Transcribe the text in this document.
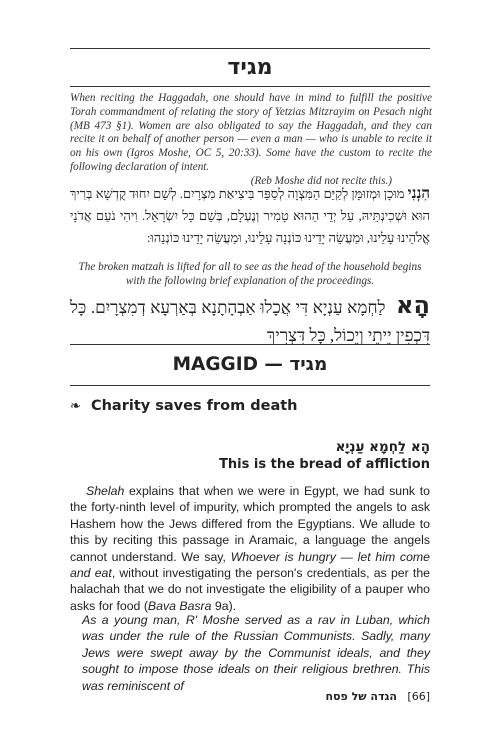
מגיד
When reciting the Haggadah, one should have in mind to fulfill the positive Torah commandment of relating the story of Yetzias Mitzrayim on Pesach night (MB 473 §1). Women are also obligated to say the Haggadah, and they can recite it on behalf of another person — even a man — who is unable to recite it on his own (Igros Moshe, OC 5, 20:33). Some have the custom to recite the following declaration of intent.
(Reb Moshe did not recite this.)
הִנְנִי מוּכָן וּמְזוּמָּן לְקַיֵּם הַמִּצְוָה לְסַפֵּר בִּיצִיאַת מִצְרָיִם. לְשֵׁם יִחוּד קֻדְשָׁא בְּרִיךְ הוּא וּשְׁכִינְתֵּיהּ, עַל יְדֵי הַהוּא טָמִיר וְנֶעְלָם, בְּשֵׁם כָּל יִשְׂרָאֵל. וִיהִי נֹעַם אֲדֹנָי אֱלֹהֵינוּ עָלֵינוּ, וּמַעֲשֵׂה יָדֵינוּ כּוֹנְנָה עָלֵינוּ, וּמַעֲשֵׂה יָדֵינוּ כּוֹנְנֵהוּ:
The broken matzah is lifted for all to see as the head of the household begins with the following brief explanation of the proceedings.
הָא לַחְמָא עַנְיָא דִּי אֲכָלוּ אַבְהָתָנָא בְּאַרְעָא דְמִצְרָיִם. כָּל דִּכְפִין יֵיתֵי וְיֵכוֹל, כָּל דִּצְרִיךְ
MAGGID — מגיד
❧ Charity saves from death
הָא לַחְמָא עַנְיָא
This is the bread of affliction
Shelah explains that when we were in Egypt, we had sunk to the forty-ninth level of impurity, which prompted the angels to ask Hashem how the Jews differed from the Egyptians. We allude to this by reciting this passage in Aramaic, a language the angels cannot understand. We say, Whoever is hungry — let him come and eat, without investigating the person's credentials, as per the halachah that we do not investigate the eligibility of a pauper who asks for food (Bava Basra 9a).
As a young man, R' Moshe served as a rav in Luban, which was under the rule of the Russian Communists. Sadly, many Jews were swept away by the Communist ideals, and they sought to impose those ideals on their religious brethren. This was reminiscent of
הגדה של פסח [66]
